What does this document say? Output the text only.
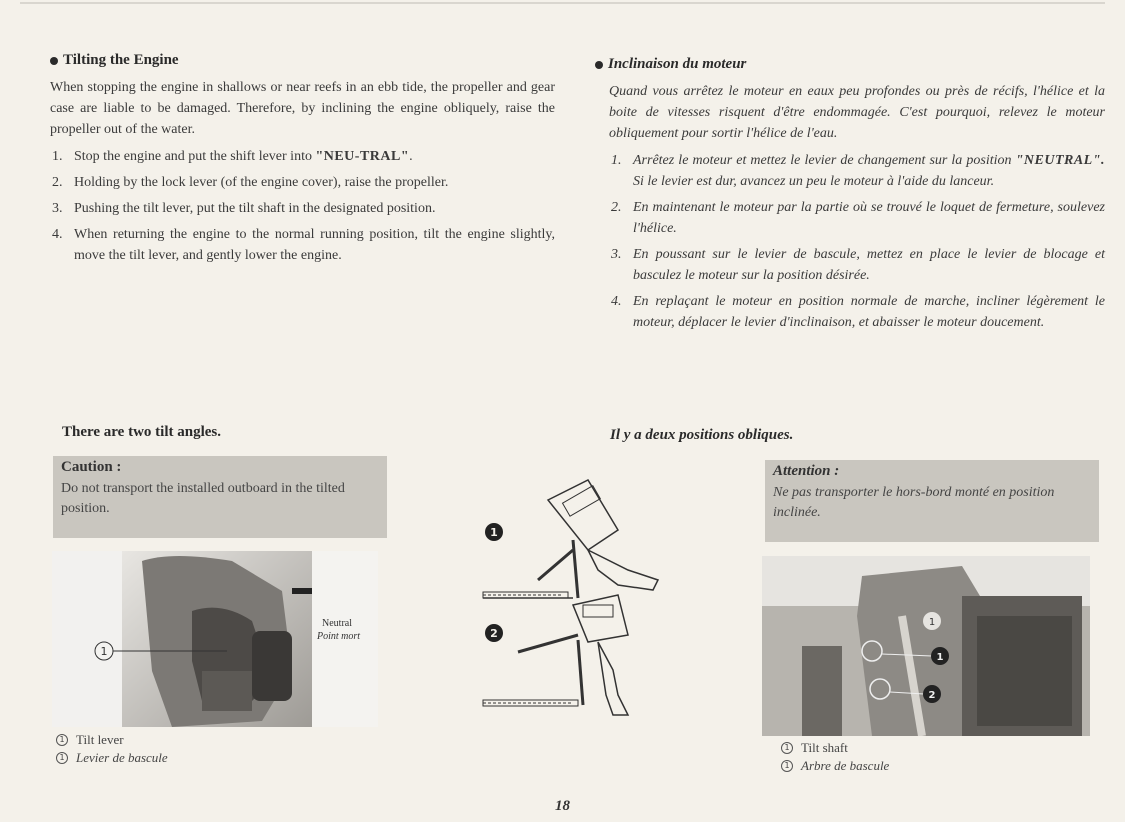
Tilting the Engine

When stopping the engine in shallows or near reefs in an ebb tide, the propeller and gear case are liable to be damaged. Therefore, by inclining the engine obliquely, raise the propeller out of the water.

1. Stop the engine and put the shift lever into "NEU-TRAL".
2. Holding by the lock lever (of the engine cover), raise the propeller.
3. Pushing the tilt lever, put the tilt shaft in the designated position.
4. When returning the engine to the normal running position, tilt the engine slightly, move the tilt lever, and gently lower the engine.
There are two tilt angles.
Caution :
Do not transport the installed outboard in the tilted position.
1
Neutral
Point mort
1 Tilt lever
1 Levier de bascule
1
2
Inclinaison du moteur

Quand vous arrêtez le moteur en eaux peu profondes ou près de récifs, l'hélice et la boite de vitesses risquent d'être endommagée. C'est pourquoi, relevez le moteur obliquement pour sortir l'hélice de l'eau.

1. Arrêtez le moteur et mettez le levier de changement sur la position "NEUTRAL". Si le levier est dur, avancez un peu le moteur à l'aide du lanceur.
2. En maintenant le moteur par la partie où se trouvé le loquet de fermeture, soulevez l'hélice.
3. En poussant sur le levier de bascule, mettez en place le levier de blocage et basculez le moteur sur la position désirée.
4. En replaçant le moteur en position normale de marche, incliner légèrement le moteur, déplacer le levier d'inclinaison, et abaisser le moteur doucement.
Il y a deux positions obliques.
Attention :
Ne pas transporter le hors-bord monté en position inclinée.
1
1
2
1 Tilt shaft
1 Arbre de bascule
18
